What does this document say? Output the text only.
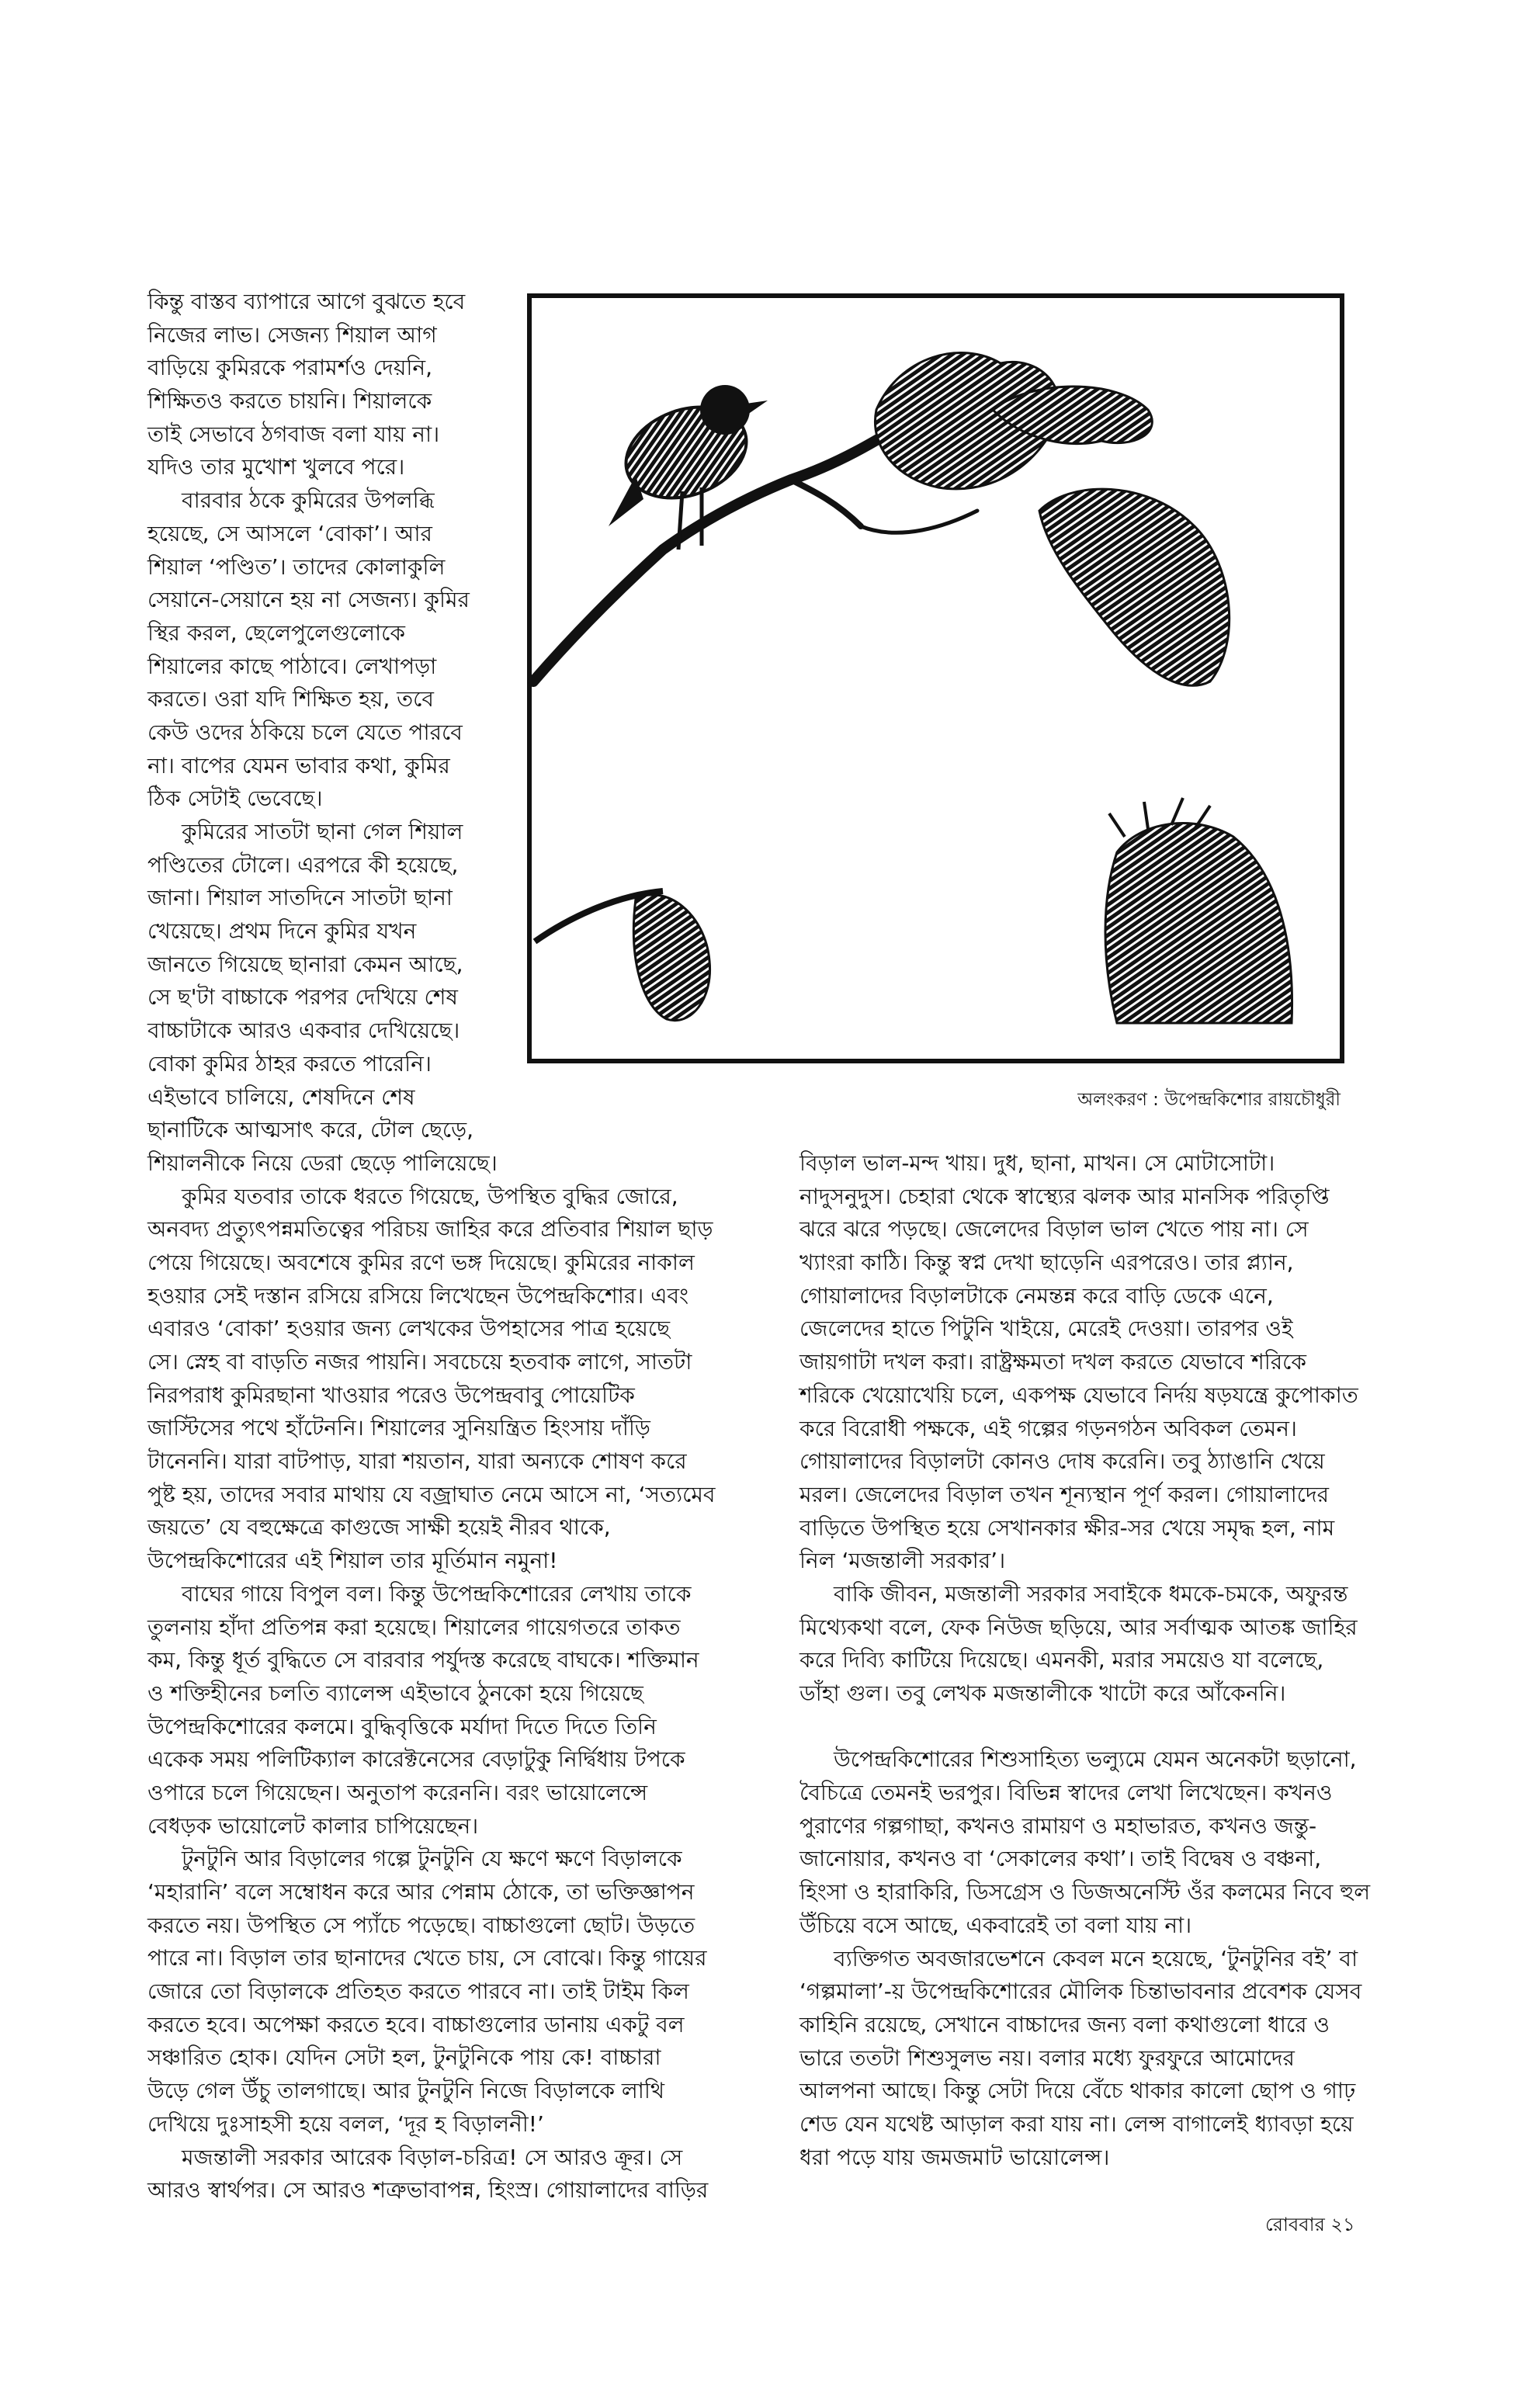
অলংকরণ : উপেন্দ্রকিশোর রায়চৌধুরী
কিন্তু বাস্তব ব্যাপারে আগে বুঝতে হবে
নিজের লাভ। সেজন্য শিয়াল আগ
বাড়িয়ে কুমিরকে পরামর্শও দেয়নি,
শিক্ষিতও করতে চায়নি। শিয়ালকে
তাই সেভাবে ঠগবাজ বলা যায় না।
যদিও তার মুখোশ খুলবে পরে।
বারবার ঠকে কুমিরের উপলব্ধি
হয়েছে, সে আসলে ‘বোকা’। আর
শিয়াল ‘পণ্ডিত’। তাদের কোলাকুলি
সেয়ানে-সেয়ানে হয় না সেজন্য। কুমির
স্থির করল, ছেলেপুলেগুলোকে
শিয়ালের কাছে পাঠাবে। লেখাপড়া
করতে। ওরা যদি শিক্ষিত হয়, তবে
কেউ ওদের ঠকিয়ে চলে যেতে পারবে
না। বাপের যেমন ভাবার কথা, কুমির
ঠিক সেটাই ভেবেছে।
কুমিরের সাতটা ছানা গেল শিয়াল
পণ্ডিতের টোলে। এরপরে কী হয়েছে,
জানা। শিয়াল সাতদিনে সাতটা ছানা
খেয়েছে। প্রথম দিনে কুমির যখন
জানতে গিয়েছে ছানারা কেমন আছে,
সে ছ'টা বাচ্চাকে পরপর দেখিয়ে শেষ
বাচ্চাটাকে আরও একবার দেখিয়েছে।
বোকা কুমির ঠাহর করতে পারেনি।
এইভাবে চালিয়ে, শেষদিনে শেষ
ছানাটিকে আত্মসাৎ করে, টোল ছেড়ে,
শিয়ালনীকে নিয়ে ডেরা ছেড়ে পালিয়েছে।
কুমির যতবার তাকে ধরতে গিয়েছে, উপস্থিত বুদ্ধির জোরে,
অনবদ্য প্রত্যুৎপন্নমতিত্বের পরিচয় জাহির করে প্রতিবার শিয়াল ছাড়
পেয়ে গিয়েছে। অবশেষে কুমির রণে ভঙ্গ দিয়েছে। কুমিরের নাকাল
হওয়ার সেই দস্তান রসিয়ে রসিয়ে লিখেছেন উপেন্দ্রকিশোর। এবং
এবারও ‘বোকা’ হওয়ার জন্য লেখকের উপহাসের পাত্র হয়েছে
সে। স্নেহ বা বাড়তি নজর পায়নি। সবচেয়ে হতবাক লাগে, সাতটা
নিরপরাধ কুমিরছানা খাওয়ার পরেও উপেন্দ্রবাবু পোয়েটিক
জাস্টিসের পথে হাঁটেননি। শিয়ালের সুনিয়ন্ত্রিত হিংসায় দাঁড়ি
টানেননি। যারা বাটপাড়, যারা শয়তান, যারা অন্যকে শোষণ করে
পুষ্ট হয়, তাদের সবার মাথায় যে বজ্রাঘাত নেমে আসে না, ‘সত্যমেব
জয়তে’ যে বহুক্ষেত্রে কাগুজে সাক্ষী হয়েই নীরব থাকে,
উপেন্দ্রকিশোরের এই শিয়াল তার মূর্তিমান নমুনা!
বাঘের গায়ে বিপুল বল। কিন্তু উপেন্দ্রকিশোরের লেখায় তাকে
তুলনায় হাঁদা প্রতিপন্ন করা হয়েছে। শিয়ালের গায়েগতরে তাকত
কম, কিন্তু ধূর্ত বুদ্ধিতে সে বারবার পর্যুদস্ত করেছে বাঘকে। শক্তিমান
ও শক্তিহীনের চলতি ব্যালেন্স এইভাবে ঠুনকো হয়ে গিয়েছে
উপেন্দ্রকিশোরের কলমে। বুদ্ধিবৃত্তিকে মর্যাদা দিতে দিতে তিনি
একেক সময় পলিটিক্যাল কারেক্টনেসের বেড়াটুকু নির্দ্বিধায় টপকে
ওপারে চলে গিয়েছেন। অনুতাপ করেননি। বরং ভায়োলেন্সে
বেধড়ক ভায়োলেট কালার চাপিয়েছেন।
টুনটুনি আর বিড়ালের গল্পে টুনটুনি যে ক্ষণে ক্ষণে বিড়ালকে
‘মহারানি’ বলে সম্বোধন করে আর পেন্নাম ঠোকে, তা ভক্তিজ্ঞাপন
করতে নয়। উপস্থিত সে প্যাঁচে পড়েছে। বাচ্চাগুলো ছোট। উড়তে
পারে না। বিড়াল তার ছানাদের খেতে চায়, সে বোঝে। কিন্তু গায়ের
জোরে তো বিড়ালকে প্রতিহত করতে পারবে না। তাই টাইম কিল
করতে হবে। অপেক্ষা করতে হবে। বাচ্চাগুলোর ডানায় একটু বল
সঞ্চারিত হোক। যেদিন সেটা হল, টুনটুনিকে পায় কে! বাচ্চারা
উড়ে গেল উঁচু তালগাছে। আর টুনটুনি নিজে বিড়ালকে লাথি
দেখিয়ে দুঃসাহসী হয়ে বলল, ‘দূর হ বিড়ালনী!’
মজন্তালী সরকার আরেক বিড়াল-চরিত্র! সে আরও ক্রূর। সে
আরও স্বার্থপর। সে আরও শত্রুভাবাপন্ন, হিংস্র। গোয়ালাদের বাড়ির
বিড়াল ভাল-মন্দ খায়। দুধ, ছানা, মাখন। সে মোটাসোটা।
নাদুসনুদুস। চেহারা থেকে স্বাস্থ্যের ঝলক আর মানসিক পরিতৃপ্তি
ঝরে ঝরে পড়ছে। জেলেদের বিড়াল ভাল খেতে পায় না। সে
খ্যাংরা কাঠি। কিন্তু স্বপ্ন দেখা ছাড়েনি এরপরেও। তার প্ল্যান,
গোয়ালাদের বিড়ালটাকে নেমন্তন্ন করে বাড়ি ডেকে এনে,
জেলেদের হাতে পিটুনি খাইয়ে, মেরেই দেওয়া। তারপর ওই
জায়গাটা দখল করা। রাষ্ট্রক্ষমতা দখল করতে যেভাবে শরিকে
শরিকে খেয়োখেয়ি চলে, একপক্ষ যেভাবে নির্দয় ষড়যন্ত্রে কুপোকাত
করে বিরোধী পক্ষকে, এই গল্পের গড়নগঠন অবিকল তেমন।
গোয়ালাদের বিড়ালটা কোনও দোষ করেনি। তবু ঠ্যাঙানি খেয়ে
মরল। জেলেদের বিড়াল তখন শূন্যস্থান পূর্ণ করল। গোয়ালাদের
বাড়িতে উপস্থিত হয়ে সেখানকার ক্ষীর-সর খেয়ে সমৃদ্ধ হল, নাম
নিল ‘মজন্তালী সরকার’।
বাকি জীবন, মজন্তালী সরকার সবাইকে ধমকে-চমকে, অফুরন্ত
মিথ্যেকথা বলে, ফেক নিউজ ছড়িয়ে, আর সর্বাত্মক আতঙ্ক জাহির
করে দিব্যি কাটিয়ে দিয়েছে। এমনকী, মরার সময়েও যা বলেছে,
ডাঁহা গুল। তবু লেখক মজন্তালীকে খাটো করে আঁকেননি।
উপেন্দ্রকিশোরের শিশুসাহিত্য ভল্যুমে যেমন অনেকটা ছড়ানো,
বৈচিত্রে তেমনই ভরপুর। বিভিন্ন স্বাদের লেখা লিখেছেন। কখনও
পুরাণের গল্পগাছা, কখনও রামায়ণ ও মহাভারত, কখনও জন্তু-
জানোয়ার, কখনও বা ‘সেকালের কথা’। তাই বিদ্বেষ ও বঞ্চনা,
হিংসা ও হারাকিরি, ডিসগ্রেস ও ডিজঅনেস্টি ওঁর কলমের নিবে হুল
উঁচিয়ে বসে আছে, একবারেই তা বলা যায় না।
ব্যক্তিগত অবজারভেশনে কেবল মনে হয়েছে, ‘টুনটুনির বই’ বা
‘গল্পমালা’-য় উপেন্দ্রকিশোরের মৌলিক চিন্তাভাবনার প্রবেশক যেসব
কাহিনি রয়েছে, সেখানে বাচ্চাদের জন্য বলা কথাগুলো ধারে ও
ভারে ততটা শিশুসুলভ নয়। বলার মধ্যে ফুরফুরে আমোদের
আলপনা আছে। কিন্তু সেটা দিয়ে বেঁচে থাকার কালো ছোপ ও গাঢ়
শেড যেন যথেষ্ট আড়াল করা যায় না। লেন্স বাগালেই ধ্যাবড়া হয়ে
ধরা পড়ে যায় জমজমাট ভায়োলেন্স।
রোববার ২১
